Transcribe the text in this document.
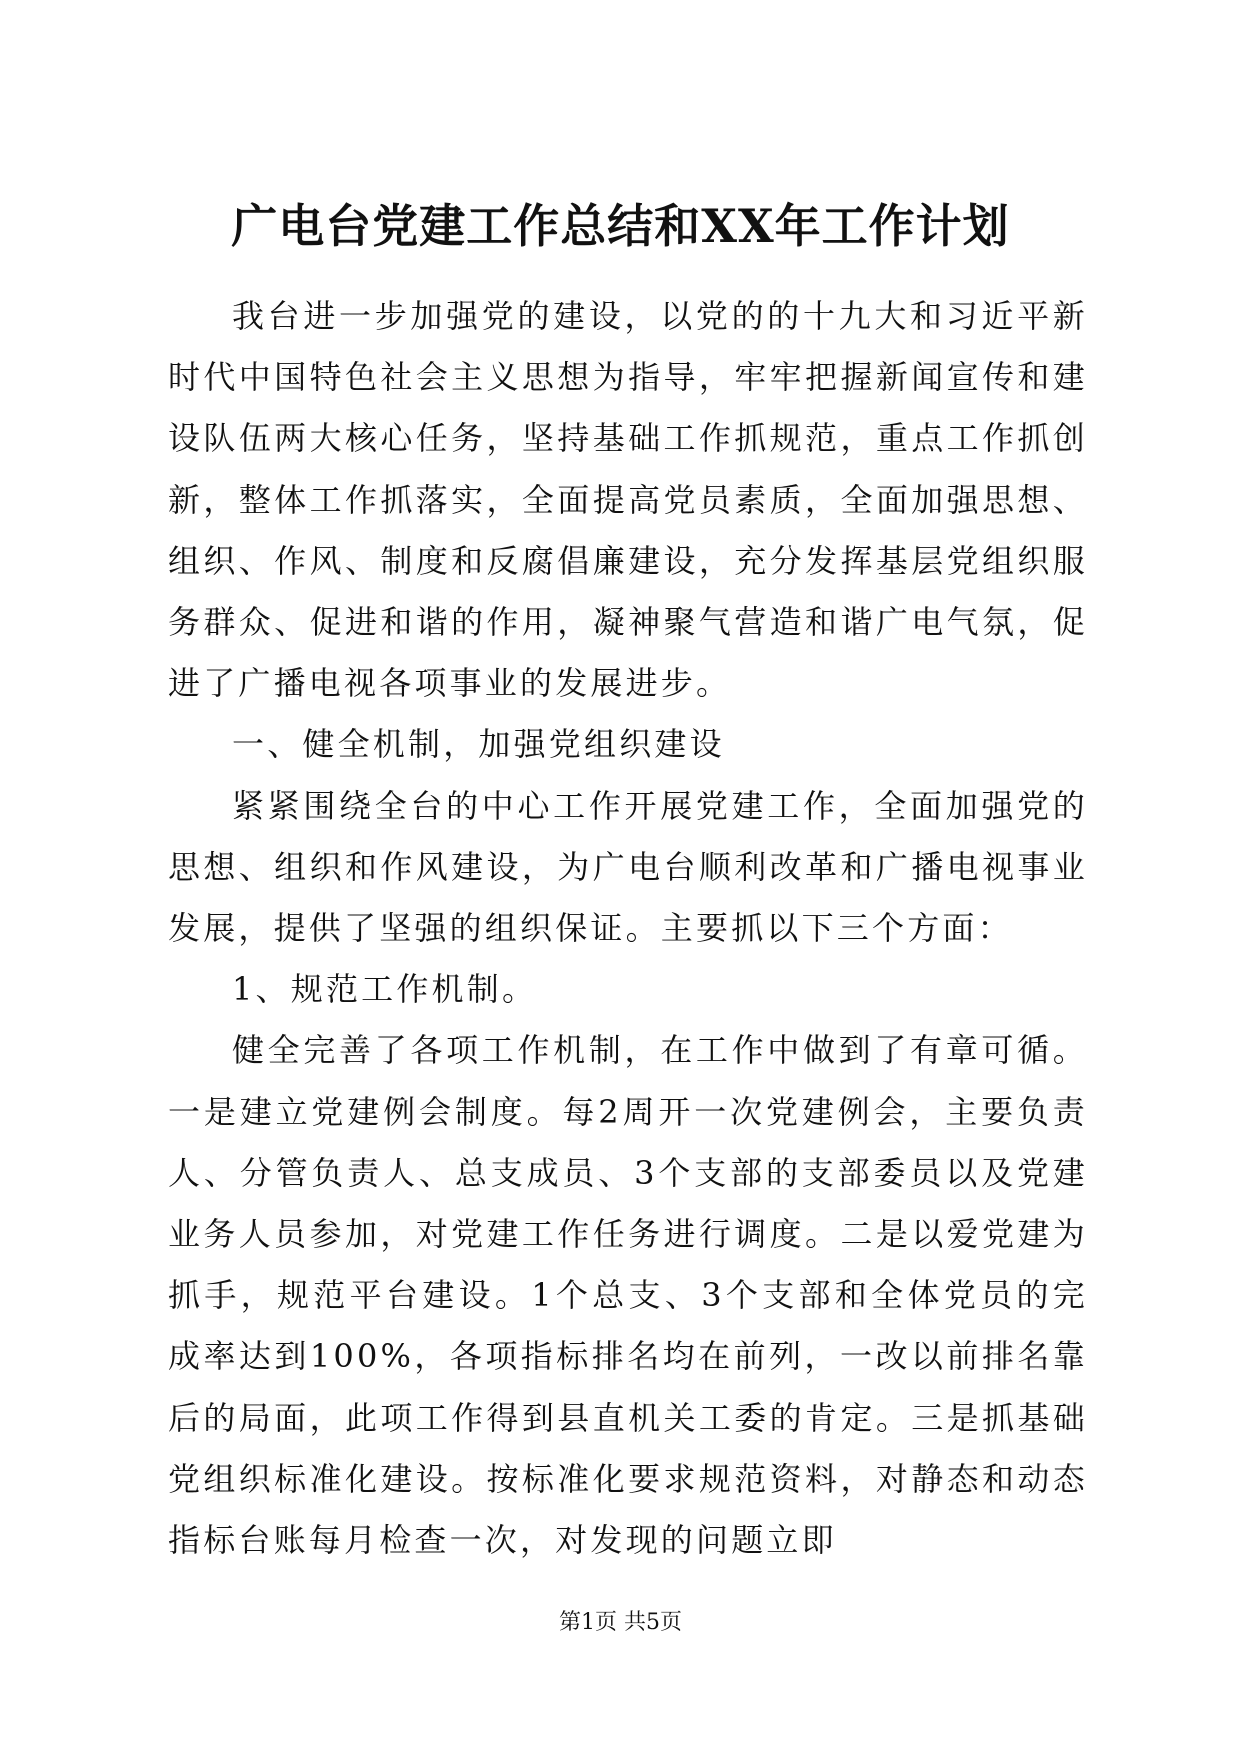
广电台党建工作总结和XX年工作计划

我台进一步加强党的建设，以党的的十九大和习近平新时代中国特色社会主义思想为指导，牢牢把握新闻宣传和建设队伍两大核心任务，坚持基础工作抓规范，重点工作抓创新，整体工作抓落实，全面提高党员素质，全面加强思想、组织、作风、制度和反腐倡廉建设，充分发挥基层党组织服务群众、促进和谐的作用，凝神聚气营造和谐广电气氛，促进了广播电视各项事业的发展进步。

一、健全机制，加强党组织建设

紧紧围绕全台的中心工作开展党建工作，全面加强党的思想、组织和作风建设，为广电台顺利改革和广播电视事业发展，提供了坚强的组织保证。主要抓以下三个方面：

1、规范工作机制。

健全完善了各项工作机制，在工作中做到了有章可循。一是建立党建例会制度。每2周开一次党建例会，主要负责人、分管负责人、总支成员、3个支部的支部委员以及党建业务人员参加，对党建工作任务进行调度。二是以爱党建为抓手，规范平台建设。1个总支、3个支部和全体党员的完成率达到100%，各项指标排名均在前列，一改以前排名靠后的局面，此项工作得到县直机关工委的肯定。三是抓基础党组织标准化建设。按标准化要求规范资料，对静态和动态指标台账每月检查一次，对发现的问题立即

第1页 共5页
